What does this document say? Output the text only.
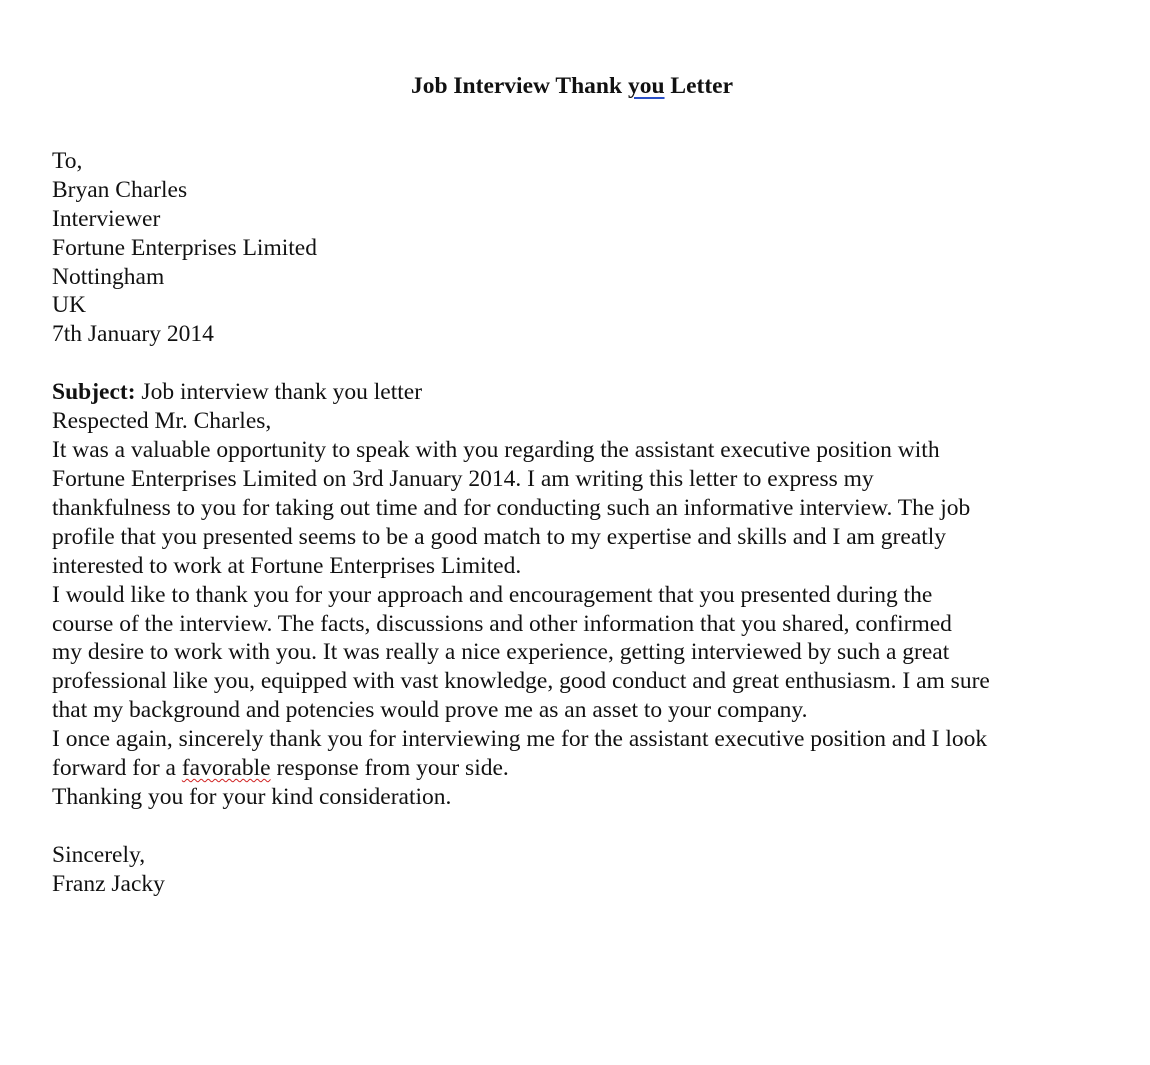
Job Interview Thank you Letter
To,
Bryan Charles
Interviewer
Fortune Enterprises Limited
Nottingham
UK
7th January 2014
Subject: Job interview thank you letter
Respected Mr. Charles,
It was a valuable opportunity to speak with you regarding the assistant executive position with
Fortune Enterprises Limited on 3rd January 2014. I am writing this letter to express my
thankfulness to you for taking out time and for conducting such an informative interview. The job
profile that you presented seems to be a good match to my expertise and skills and I am greatly
interested to work at Fortune Enterprises Limited.
I would like to thank you for your approach and encouragement that you presented during the
course of the interview. The facts, discussions and other information that you shared, confirmed
my desire to work with you. It was really a nice experience, getting interviewed by such a great
professional like you, equipped with vast knowledge, good conduct and great enthusiasm. I am sure
that my background and potencies would prove me as an asset to your company.
I once again, sincerely thank you for interviewing me for the assistant executive position and I look
forward for a favorable response from your side.
Thanking you for your kind consideration.
Sincerely,
Franz Jacky
